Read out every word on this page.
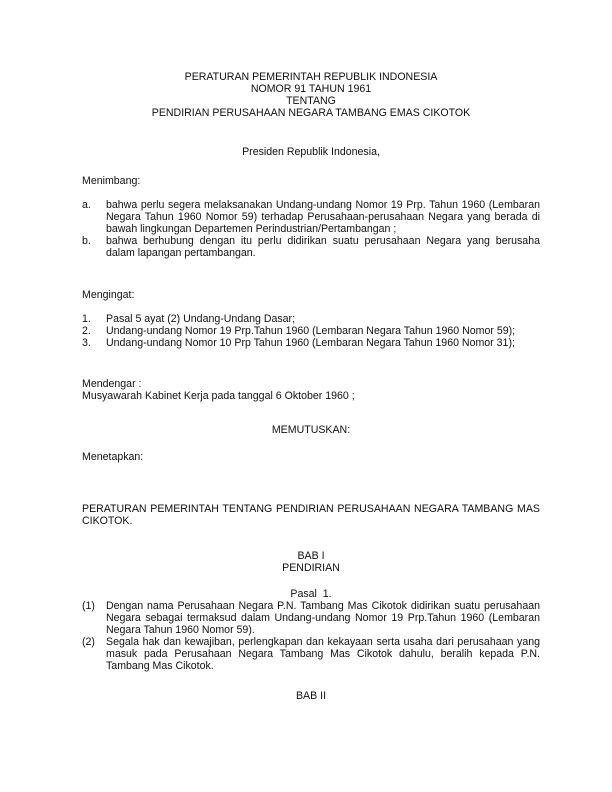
PERATURAN PEMERINTAH REPUBLIK INDONESIA
NOMOR 91 TAHUN 1961
TENTANG
PENDIRIAN PERUSAHAAN NEGARA TAMBANG EMAS CIKOTOK
Presiden Republik Indonesia,
Menimbang:
a.	bahwa perlu segera melaksanakan Undang-undang Nomor 19 Prp. Tahun 1960 (Lembaran Negara Tahun 1960 Nomor 59) terhadap Perusahaan-perusahaan Negara yang berada di bawah lingkungan Departemen Perindustrian/Pertambangan ;
b.	bahwa berhubung dengan itu perlu didirikan suatu perusahaan Negara yang berusaha dalam lapangan pertambangan.
Mengingat:
1.	Pasal 5 ayat (2) Undang-Undang Dasar;
2.	Undang-undang Nomor 19 Prp.Tahun 1960 (Lembaran Negara Tahun 1960 Nomor 59);
3.	Undang-undang Nomor 10 Prp Tahun 1960 (Lembaran Negara Tahun 1960 Nomor 31);
Mendengar :
Musyawarah Kabinet Kerja pada tanggal 6 Oktober 1960 ;
MEMUTUSKAN:
Menetapkan:
PERATURAN PEMERINTAH TENTANG PENDIRIAN PERUSAHAAN NEGARA TAMBANG MAS CIKOTOK.
BAB I
PENDIRIAN
Pasal  1.
(1)	Dengan nama Perusahaan Negara P.N. Tambang Mas Cikotok didirikan suatu perusahaan Negara sebagai termaksud dalam Undang-undang Nomor 19 Prp.Tahun 1960 (Lembaran Negara Tahun 1960 Nomor 59).
(2)	Segala hak dan kewajiban, perlengkapan dan kekayaan serta usaha dari perusahaan yang masuk pada Perusahaan Negara Tambang Mas Cikotok dahulu, beralih kepada P.N. Tambang Mas Cikotok.
BAB II
